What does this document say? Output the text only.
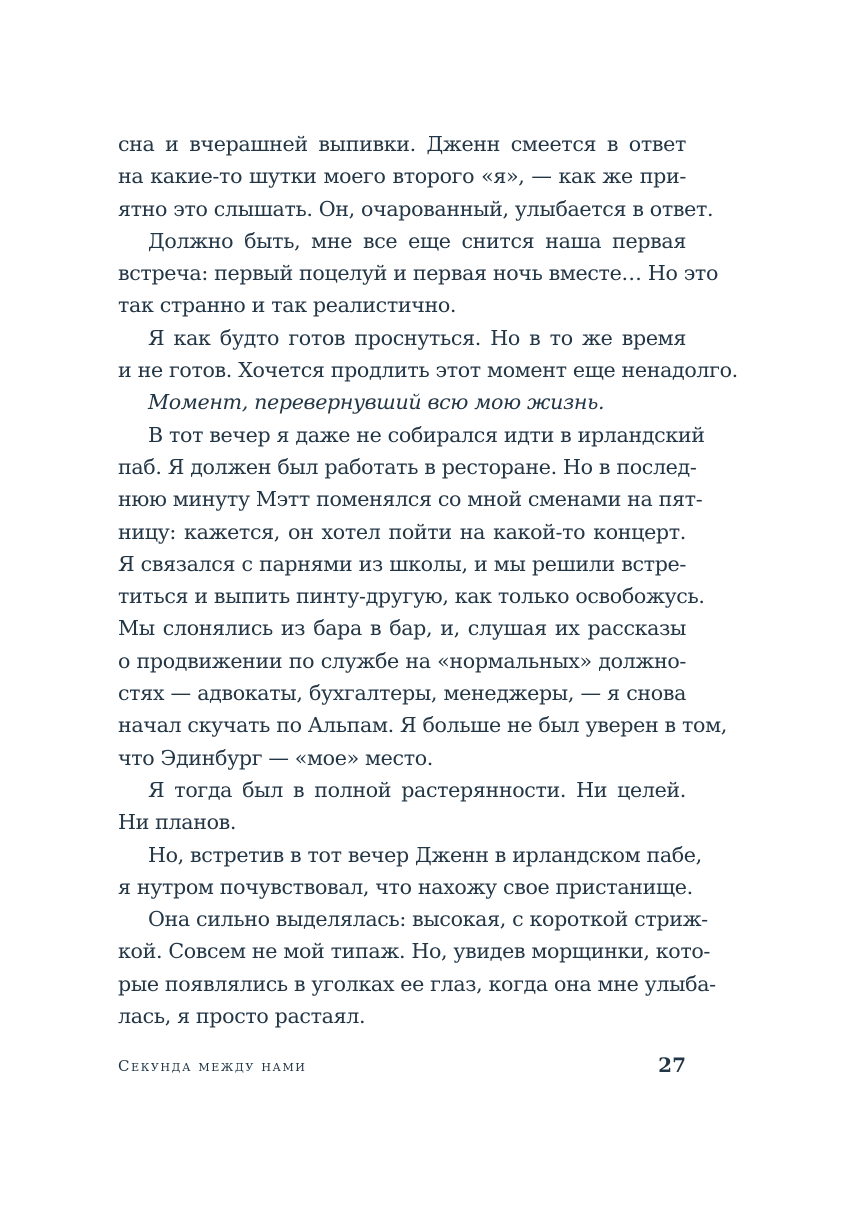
сна и вчерашней выпивки. Дженн смеется в ответ
на какие-то шутки моего второго «я», — как же при-
ятно это слышать. Он, очарованный, улыбается в ответ.
Должно быть, мне все еще снится наша первая
встреча: первый поцелуй и первая ночь вместе… Но это
так странно и так реалистично.
Я как будто готов проснуться. Но в то же время
и не готов. Хочется продлить этот момент еще ненадолго.
Момент, перевернувший всю мою жизнь.
В тот вечер я даже не собирался идти в ирландский
паб. Я должен был работать в ресторане. Но в послед-
нюю минуту Мэтт поменялся со мной сменами на пят-
ницу: кажется, он хотел пойти на какой-то концерт.
Я связался с парнями из школы, и мы решили встре-
титься и выпить пинту-другую, как только освобожусь.
Мы слонялись из бара в бар, и, слушая их рассказы
о продвижении по службе на «нормальных» должно-
стях — адвокаты, бухгалтеры, менеджеры, — я снова
начал скучать по Альпам. Я больше не был уверен в том,
что Эдинбург — «мое» место.
Я тогда был в полной растерянности. Ни целей.
Ни планов.
Но, встретив в тот вечер Дженн в ирландском пабе,
я нутром почувствовал, что нахожу свое пристанище.
Она сильно выделялась: высокая, с короткой стриж-
кой. Совсем не мой типаж. Но, увидев морщинки, кото-
рые появлялись в уголках ее глаз, когда она мне улыба-
лась, я просто растаял.
Секунда между нами	27
